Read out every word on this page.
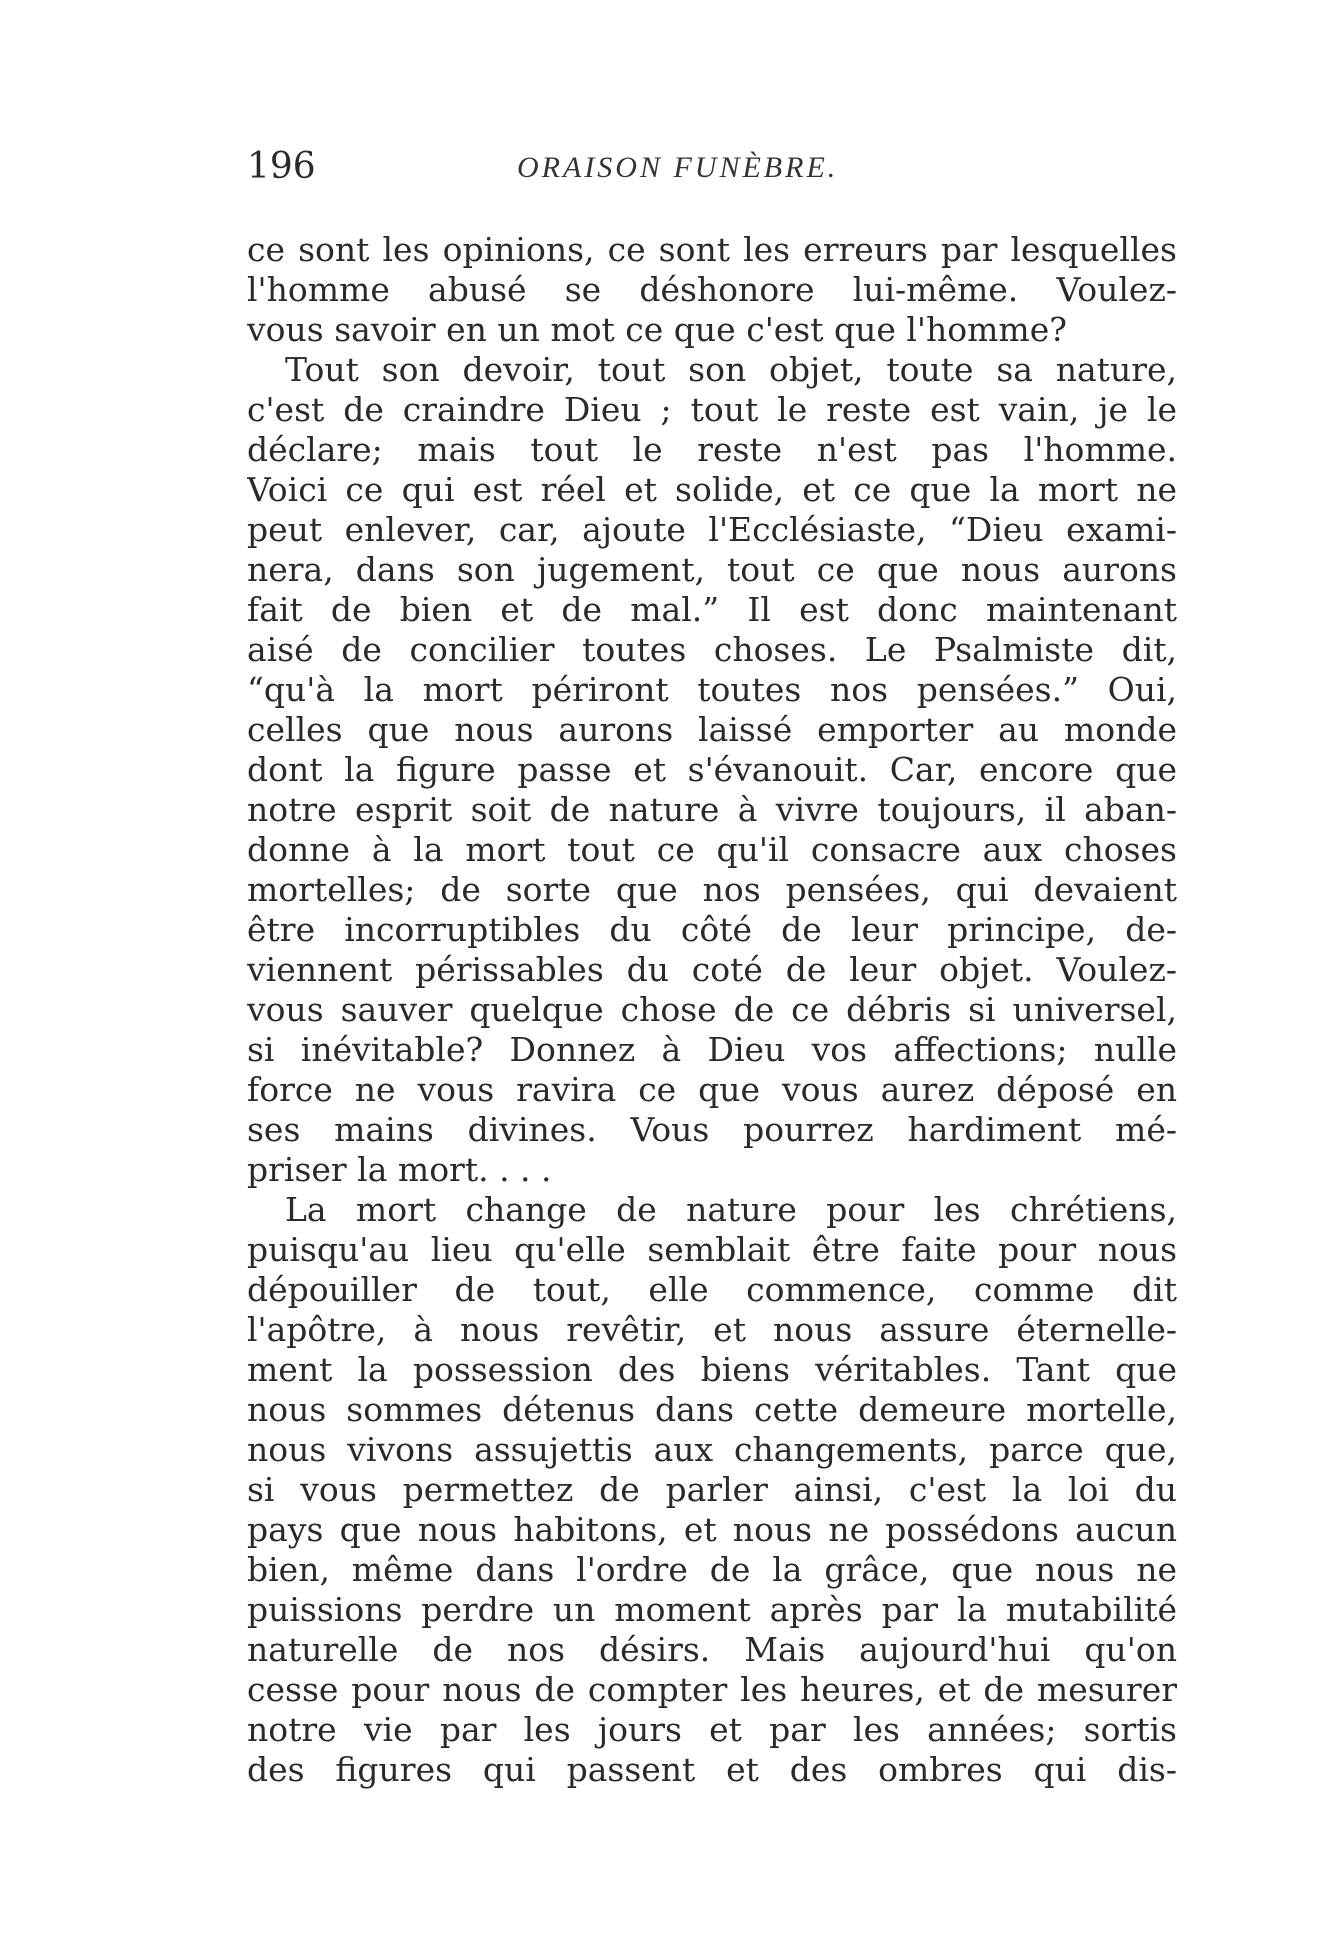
196	ORAISON FUNÈBRE.
ce sont les opinions, ce sont les erreurs par lesquelles
l'homme abusé se déshonore lui-même. Voulez-
vous savoir en un mot ce que c'est que l'homme?
Tout son devoir, tout son objet, toute sa nature,
c'est de craindre Dieu ; tout le reste est vain, je le
déclare; mais tout le reste n'est pas l'homme.
Voici ce qui est réel et solide, et ce que la mort ne
peut enlever, car, ajoute l'Ecclésiaste, “Dieu exami-
nera, dans son jugement, tout ce que nous aurons
fait de bien et de mal.” Il est donc maintenant
aisé de concilier toutes choses. Le Psalmiste dit,
“qu'à la mort périront toutes nos pensées.” Oui,
celles que nous aurons laissé emporter au monde
dont la figure passe et s'évanouit. Car, encore que
notre esprit soit de nature à vivre toujours, il aban-
donne à la mort tout ce qu'il consacre aux choses
mortelles; de sorte que nos pensées, qui devaient
être incorruptibles du côté de leur principe, de-
viennent périssables du coté de leur objet. Voulez-
vous sauver quelque chose de ce débris si universel,
si inévitable? Donnez à Dieu vos affections; nulle
force ne vous ravira ce que vous aurez déposé en
ses mains divines. Vous pourrez hardiment mé-
priser la mort. . . .
La mort change de nature pour les chrétiens,
puisqu'au lieu qu'elle semblait être faite pour nous
dépouiller de tout, elle commence, comme dit
l'apôtre, à nous revêtir, et nous assure éternelle-
ment la possession des biens véritables. Tant que
nous sommes détenus dans cette demeure mortelle,
nous vivons assujettis aux changements, parce que,
si vous permettez de parler ainsi, c'est la loi du
pays que nous habitons, et nous ne possédons aucun
bien, même dans l'ordre de la grâce, que nous ne
puissions perdre un moment après par la mutabilité
naturelle de nos désirs. Mais aujourd'hui qu'on
cesse pour nous de compter les heures, et de mesurer
notre vie par les jours et par les années; sortis
des figures qui passent et des ombres qui dis-
